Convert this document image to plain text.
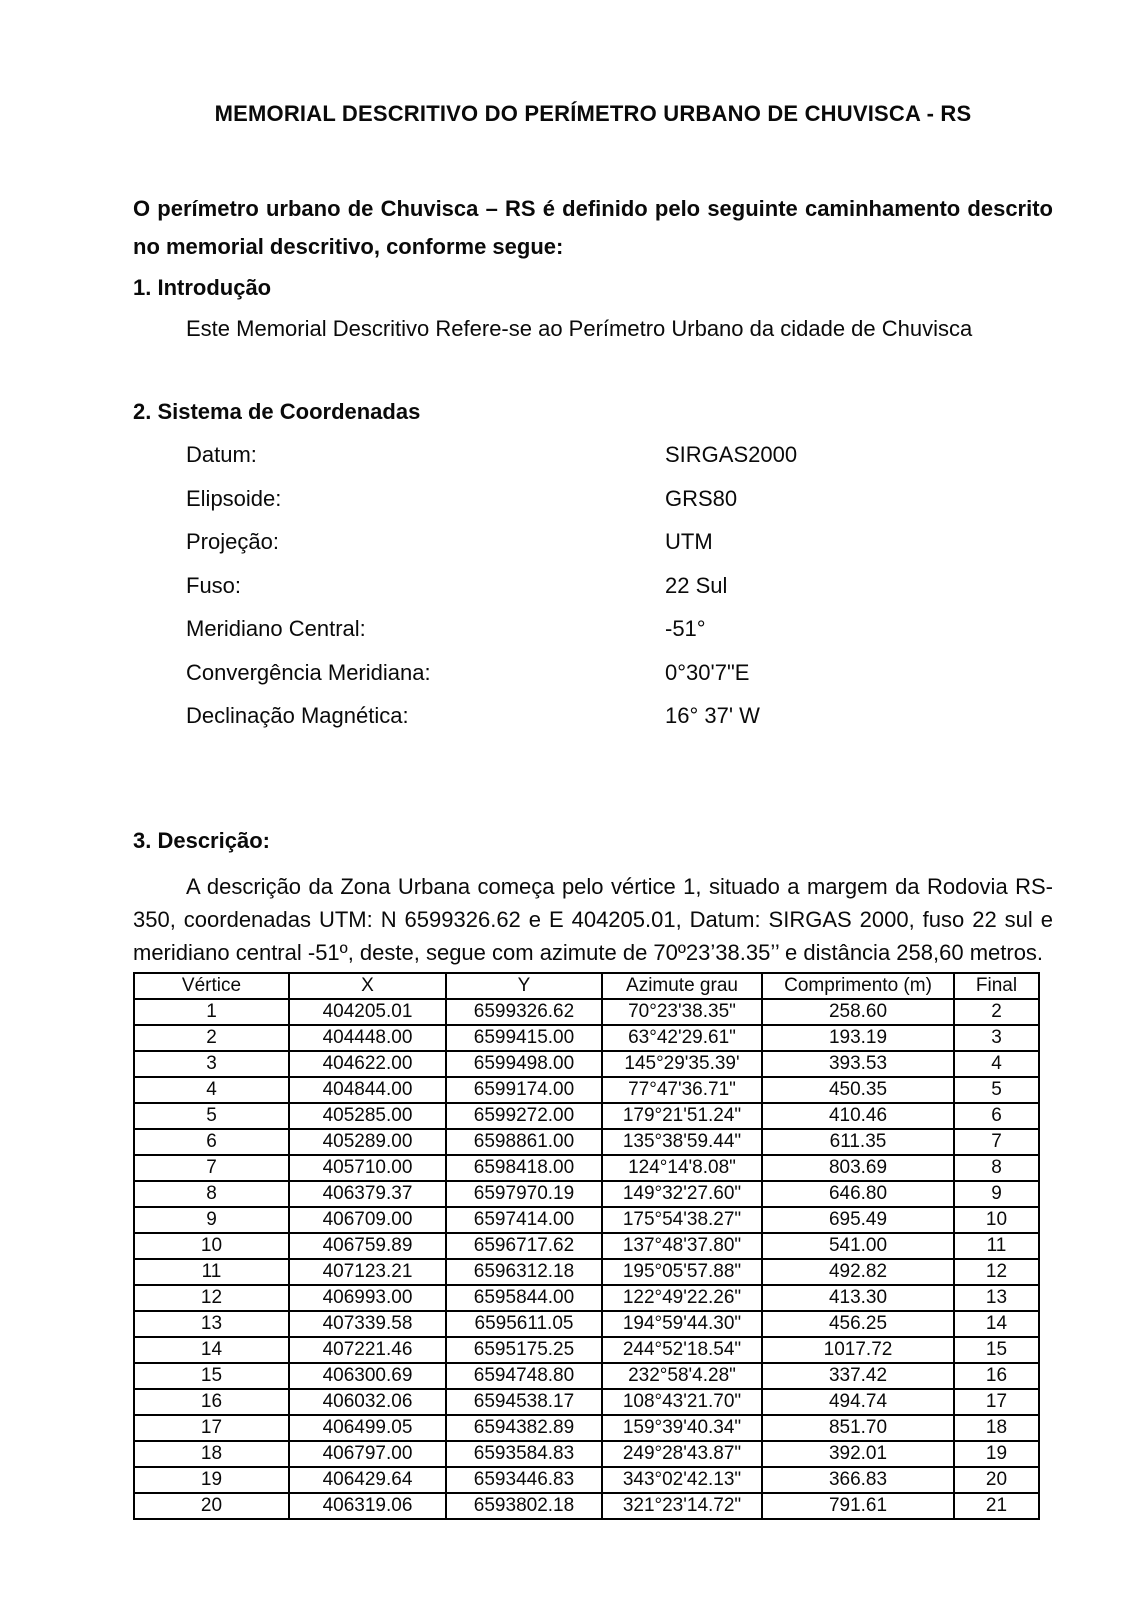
MEMORIAL DESCRITIVO DO PERÍMETRO URBANO DE CHUVISCA - RS

O perímetro urbano de Chuvisca – RS é definido pelo seguinte caminhamento descrito no memorial descritivo, conforme segue:

1. Introdução

Este Memorial Descritivo Refere-se ao Perímetro Urbano da cidade de Chuvisca

2. Sistema de Coordenadas
Datum:	SIRGAS2000
Elipsoide:	GRS80
Projeção:	UTM
Fuso:	22 Sul
Meridiano Central:	-51°
Convergência Meridiana:	0°30'7"E
Declinação Magnética:	16° 37' W
3. Descrição:

A descrição da Zona Urbana começa pelo vértice 1, situado a margem da Rodovia RS-350, coordenadas UTM: N 6599326.62 e E 404205.01, Datum: SIRGAS 2000, fuso 22 sul e meridiano central -51º, deste, segue com azimute de 70º23’38.35’’ e distância 258,60 metros.

Vértice	X	Y	Azimute grau	Comprimento (m)	Final
1	404205.01	6599326.62	70°23'38.35"	258.60	2
2	404448.00	6599415.00	63°42'29.61"	193.19	3
3	404622.00	6599498.00	145°29'35.39'	393.53	4
4	404844.00	6599174.00	77°47'36.71"	450.35	5
5	405285.00	6599272.00	179°21'51.24"	410.46	6
6	405289.00	6598861.00	135°38'59.44"	611.35	7
7	405710.00	6598418.00	124°14'8.08"	803.69	8
8	406379.37	6597970.19	149°32'27.60"	646.80	9
9	406709.00	6597414.00	175°54'38.27"	695.49	10
10	406759.89	6596717.62	137°48'37.80"	541.00	11
11	407123.21	6596312.18	195°05'57.88"	492.82	12
12	406993.00	6595844.00	122°49'22.26"	413.30	13
13	407339.58	6595611.05	194°59'44.30"	456.25	14
14	407221.46	6595175.25	244°52'18.54"	1017.72	15
15	406300.69	6594748.80	232°58'4.28"	337.42	16
16	406032.06	6594538.17	108°43'21.70"	494.74	17
17	406499.05	6594382.89	159°39'40.34"	851.70	18
18	406797.00	6593584.83	249°28'43.87"	392.01	19
19	406429.64	6593446.83	343°02'42.13"	366.83	20
20	406319.06	6593802.18	321°23'14.72"	791.61	21
